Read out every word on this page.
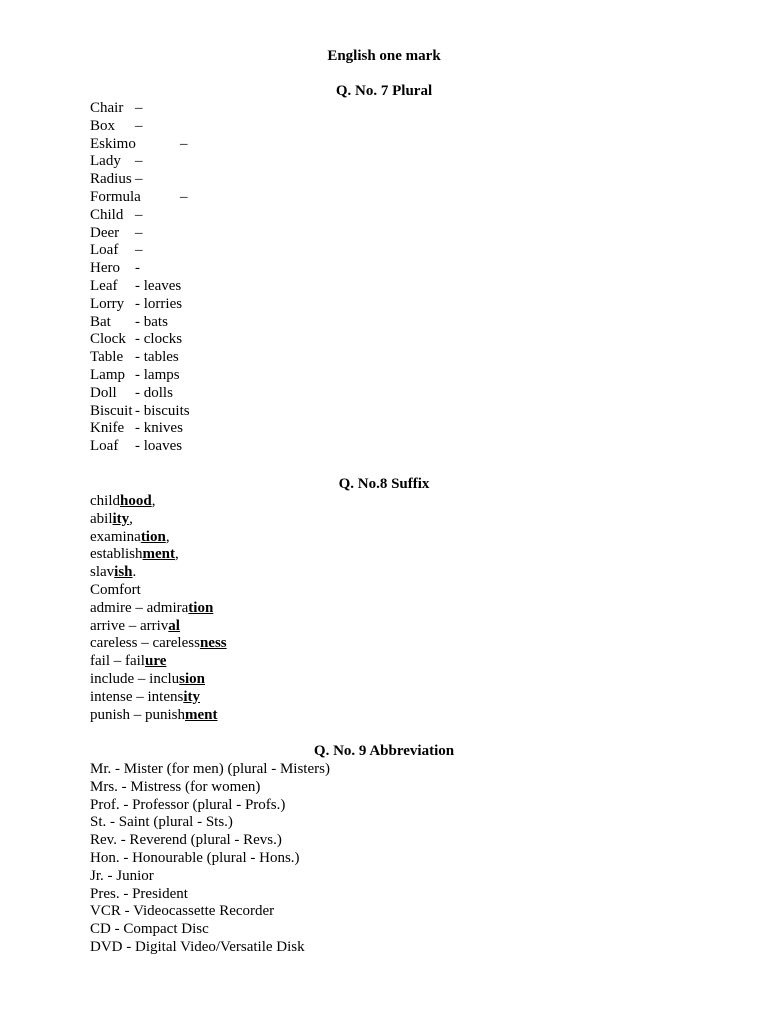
English one mark
Q. No. 7 Plural
Chair –
Box –
Eskimo	–
Lady –
Radius –
Formula	–
Child –
Deer –
Loaf –
Hero -
Leaf - leaves
Lorry - lorries
Bat - bats
Clock - clocks
Table - tables
Lamp - lamps
Doll - dolls
Biscuit - biscuits
Knife - knives
Loaf - loaves
Q. No.8 Suffix
childhood,
ability,
examination,
establishment,
slavish.
Comfort
admire – admiration
arrive – arrival
careless – carelessness
fail – failure
include – inclusion
intense – intensity
punish – punishment
Q. No. 9 Abbreviation
Mr. - Mister (for men) (plural - Misters)
Mrs. - Mistress (for women)
Prof. - Professor (plural - Profs.)
St. - Saint (plural - Sts.)
Rev. - Reverend (plural - Revs.)
Hon. - Honourable (plural - Hons.)
Jr. - Junior
Pres. - President
VCR - Videocassette Recorder
CD - Compact Disc
DVD - Digital Video/Versatile Disk
